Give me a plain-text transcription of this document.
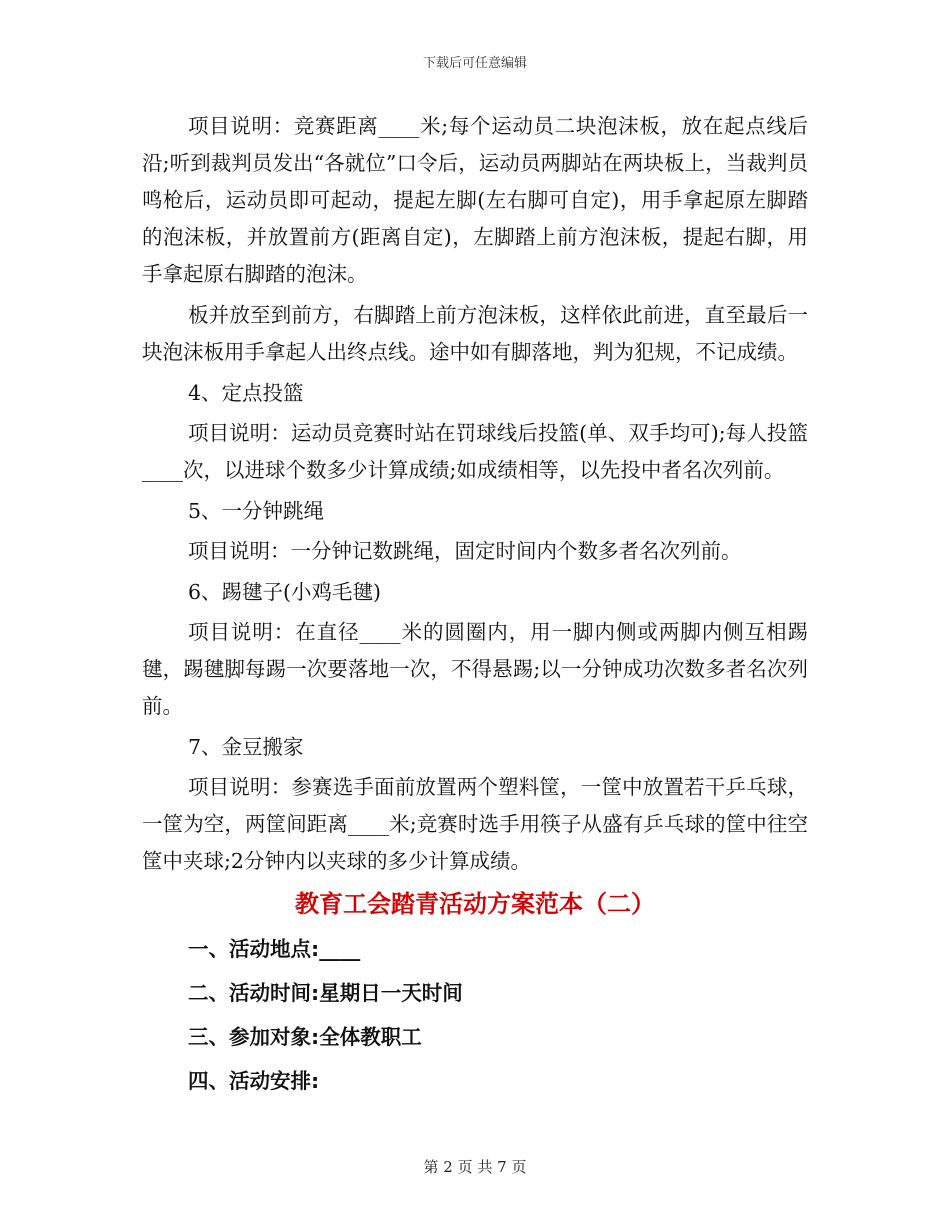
下载后可任意编辑

项目说明：竞赛距离____米;每个运动员二块泡沫板，放在起点线后沿;听到裁判员发出“各就位”口令后，运动员两脚站在两块板上，当裁判员鸣枪后，运动员即可起动，提起左脚(左右脚可自定)，用手拿起原左脚踏的泡沫板，并放置前方(距离自定)，左脚踏上前方泡沫板，提起右脚，用手拿起原右脚踏的泡沫。

板并放至到前方，右脚踏上前方泡沫板，这样依此前进，直至最后一块泡沫板用手拿起人出终点线。途中如有脚落地，判为犯规，不记成绩。

4、定点投篮

项目说明：运动员竞赛时站在罚球线后投篮(单、双手均可);每人投篮____次，以进球个数多少计算成绩;如成绩相等，以先投中者名次列前。

5、一分钟跳绳

项目说明：一分钟记数跳绳，固定时间内个数多者名次列前。

6、踢毽子(小鸡毛毽)

项目说明：在直径____米的圆圈内，用一脚内侧或两脚内侧互相踢毽，踢毽脚每踢一次要落地一次，不得悬踢;以一分钟成功次数多者名次列前。

7、金豆搬家

项目说明：参赛选手面前放置两个塑料筐，一筐中放置若干乒乓球，一筐为空，两筐间距离____米;竞赛时选手用筷子从盛有乒乓球的筐中往空筐中夹球;2分钟内以夹球的多少计算成绩。

教育工会踏青活动方案范本（二）
一、活动地点:____
二、活动时间:星期日一天时间
三、参加对象:全体教职工
四、活动安排:
第 2 页 共 7 页
